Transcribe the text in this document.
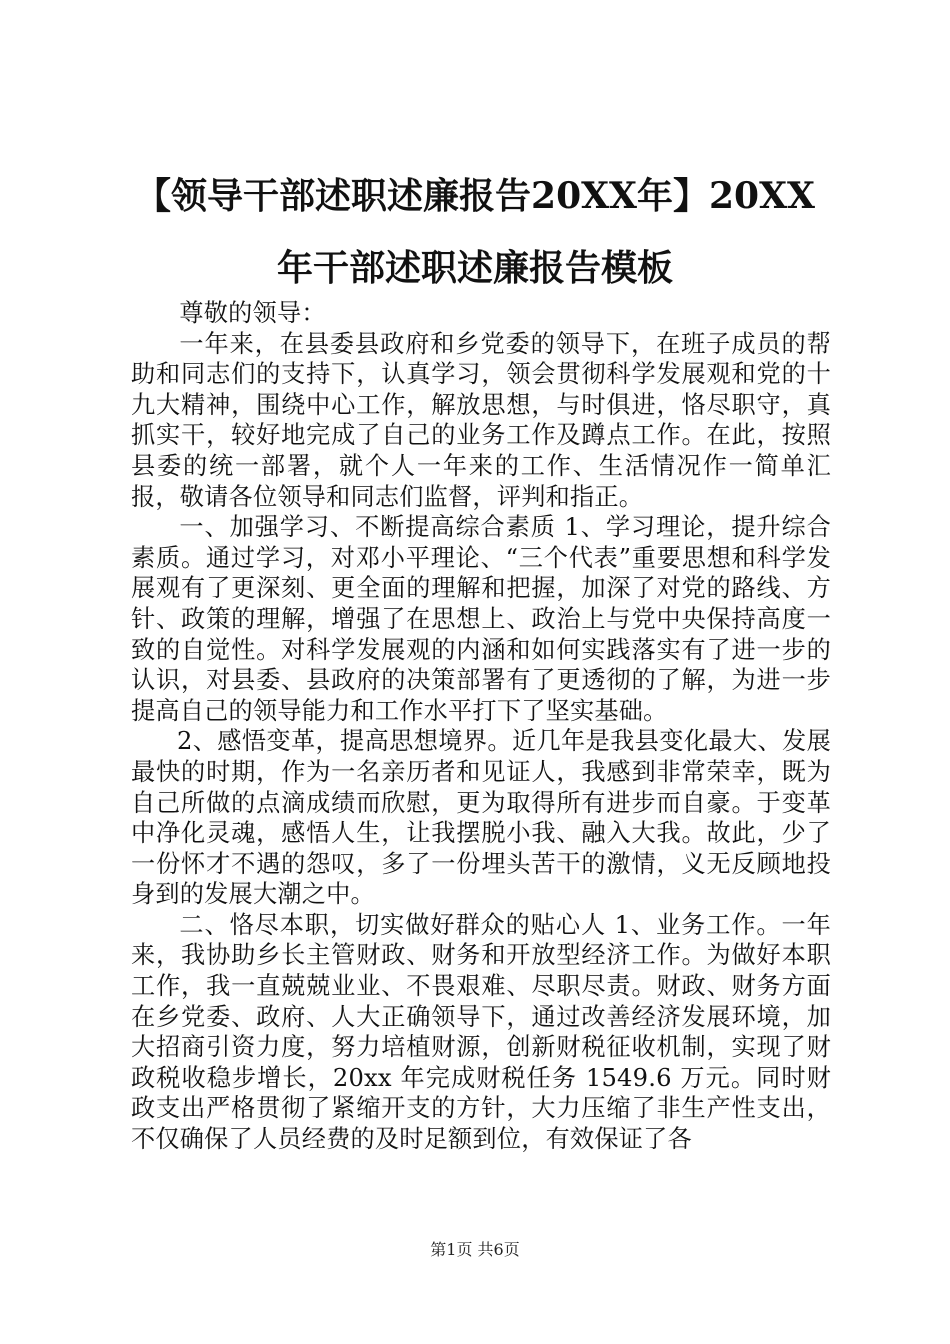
【领导干部述职述廉报告20XX年】20XX年干部述职述廉报告模板

尊敬的领导：

一年来，在县委县政府和乡党委的领导下，在班子成员的帮助和同志们的支持下，认真学习，领会贯彻科学发展观和党的十九大精神，围绕中心工作，解放思想，与时俱进，恪尽职守，真抓实干，较好地完成了自己的业务工作及蹲点工作。在此，按照县委的统一部署，就个人一年来的工作、生活情况作一简单汇报，敬请各位领导和同志们监督，评判和指正。

一、加强学习、不断提高综合素质 1、学习理论，提升综合素质。通过学习，对邓小平理论、“三个代表”重要思想和科学发展观有了更深刻、更全面的理解和把握，加深了对党的路线、方针、政策的理解，增强了在思想上、政治上与党中央保持高度一致的自觉性。对科学发展观的内涵和如何实践落实有了进一步的认识，对县委、县政府的决策部署有了更透彻的了解，为进一步提高自己的领导能力和工作水平打下了坚实基础。

2、感悟变革，提高思想境界。近几年是我县变化最大、发展最快的时期，作为一名亲历者和见证人，我感到非常荣幸，既为自己所做的点滴成绩而欣慰，更为取得所有进步而自豪。于变革中净化灵魂，感悟人生，让我摆脱小我、融入大我。故此，少了一份怀才不遇的怨叹，多了一份埋头苦干的激情，义无反顾地投身到的发展大潮之中。

二、恪尽本职，切实做好群众的贴心人 1、业务工作。一年来，我协助乡长主管财政、财务和开放型经济工作。为做好本职工作，我一直兢兢业业、不畏艰难、尽职尽责。财政、财务方面在乡党委、政府、人大正确领导下，通过改善经济发展环境，加大招商引资力度，努力培植财源，创新财税征收机制，实现了财政税收稳步增长，20xx 年完成财税任务 1549.6 万元。同时财政支出严格贯彻了紧缩开支的方针，大力压缩了非生产性支出，不仅确保了人员经费的及时足额到位，有效保证了各

第1页 共6页
